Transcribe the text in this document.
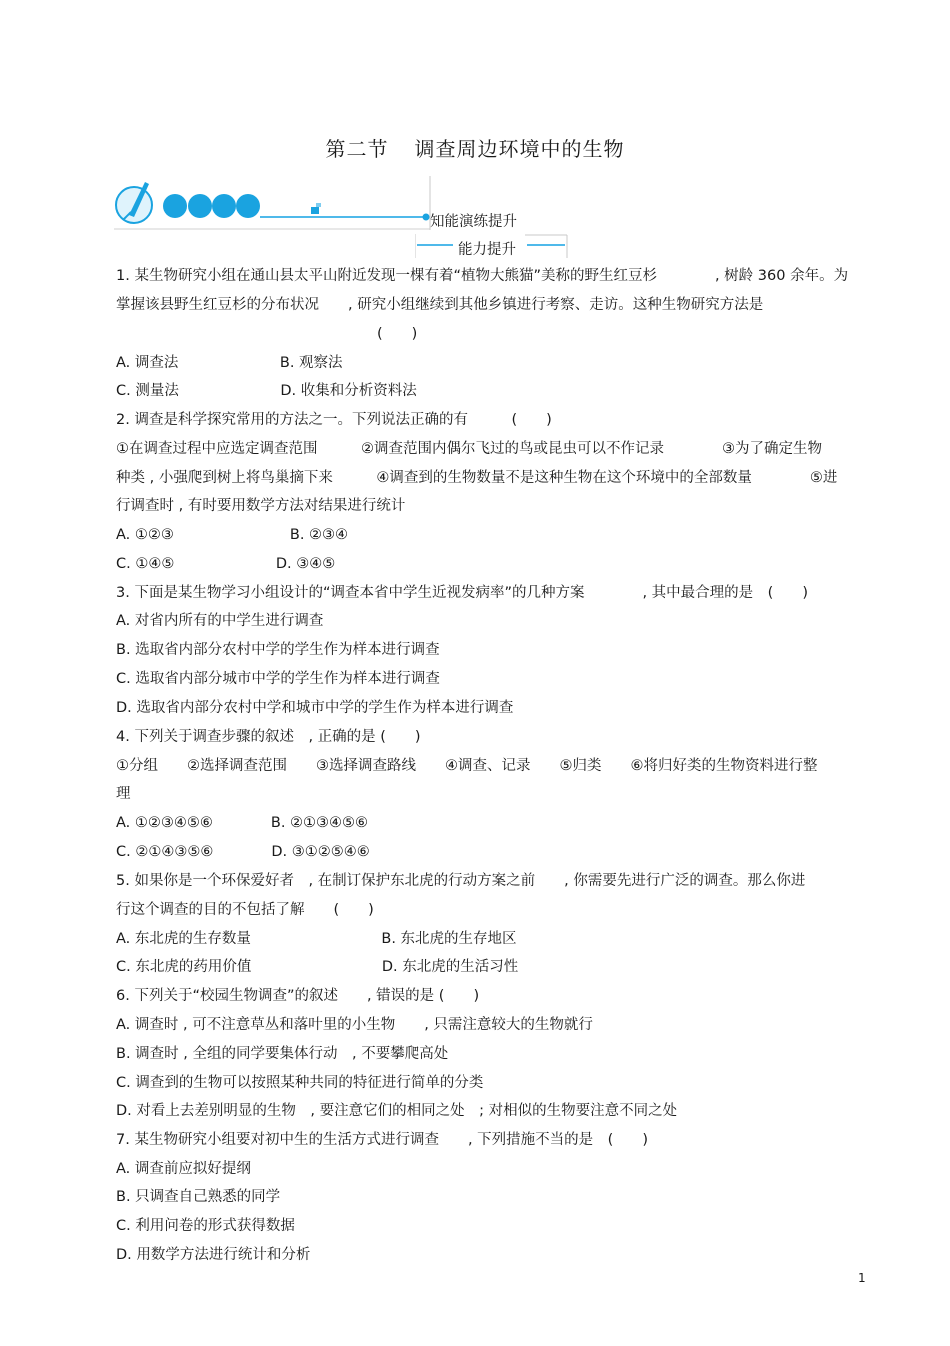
第二节 调查周边环境中的生物
知能演练提升
能力提升
1. 某生物研究小组在通山县太平山附近发现一棵有着“植物大熊猫”美称的野生红豆杉　　　　, 树龄 360 余年。为
掌握该县野生红豆杉的分布状况　　, 研究小组继续到其他乡镇进行考察、走访。这种生物研究方法是
　　　　　　　　　　　　　　　　　　(　　)
A. 调查法　　　　　　　B. 观察法
C. 测量法　　　　　　　D. 收集和分析资料法
2. 调查是科学探究常用的方法之一。下列说法正确的有　　　(　　)
①在调查过程中应选定调查范围　　　②调查范围内偶尔飞过的鸟或昆虫可以不作记录　　　　③为了确定生物
种类 , 小强爬到树上将鸟巢摘下来　　　④调查到的生物数量不是这种生物在这个环境中的全部数量　　　　⑤进
行调查时 , 有时要用数学方法对结果进行统计
A. ①②③　　　　　　　　B. ②③④
C. ①④⑤　　　　　　　D. ③④⑤
3. 下面是某生物学习小组设计的“调查本省中学生近视发病率”的几种方案　　　　, 其中最合理的是　(　　)
A. 对省内所有的中学生进行调查
B. 选取省内部分农村中学的学生作为样本进行调查
C. 选取省内部分城市中学的学生作为样本进行调查
D. 选取省内部分农村中学和城市中学的学生作为样本进行调查
4. 下列关于调查步骤的叙述　, 正确的是 (　　)
①分组　　②选择调查范围　　③选择调查路线　　④调查、记录　　⑤归类　　⑥将归好类的生物资料进行整
理
A. ①②③④⑤⑥　　　　B. ②①③④⑤⑥
C. ②①④③⑤⑥　　　　D. ③①②⑤④⑥
5. 如果你是一个环保爱好者　, 在制订保护东北虎的行动方案之前　　, 你需要先进行广泛的调查。那么你进
行这个调查的目的不包括了解　　(　　)
A. 东北虎的生存数量　　　　　　　　　B. 东北虎的生存地区
C. 东北虎的药用价值　　　　　　　　　D. 东北虎的生活习性
6. 下列关于“校园生物调查”的叙述　　, 错误的是 (　　)
A. 调查时 , 可不注意草丛和落叶里的小生物　　, 只需注意较大的生物就行
B. 调查时 , 全组的同学要集体行动　, 不要攀爬高处
C. 调查到的生物可以按照某种共同的特征进行简单的分类
D. 对看上去差别明显的生物　, 要注意它们的相同之处　; 对相似的生物要注意不同之处
7. 某生物研究小组要对初中生的生活方式进行调查　　, 下列措施不当的是　(　　)
A. 调查前应拟好提纲
B. 只调查自己熟悉的同学
C. 利用问卷的形式获得数据
D. 用数学方法进行统计和分析
1
